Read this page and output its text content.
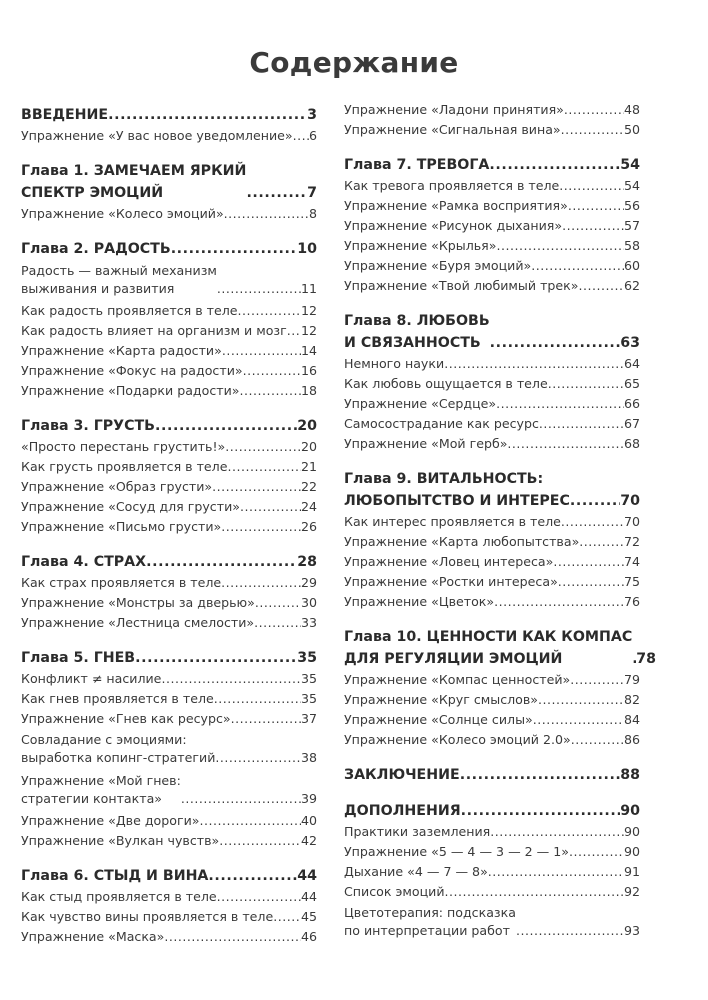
Содержание
ВВЕДЕНИЕ .....	3
Упражнение «У вас новое уведомление» ..... 6
Глава 1. ЗАМЕЧАЕМ ЯРКИЙ
СПЕКТР ЭМОЦИЙ .....	7
Упражнение «Колесо эмоций» .....	8
Глава 2. РАДОСТЬ .....	10
Радость — важный механизм
выживания и развития .....	11
Как радость проявляется в теле .....	12
Как радость влияет на организм и мозг ..... 12
Упражнение «Карта радости» .....	14
Упражнение «Фокус на радости» .....	16
Упражнение «Подарки радости» .....	18
Глава 3. ГРУСТЬ .....	20
«Просто перестань грустить!» .....	20
Как грусть проявляется в теле .....	21
Упражнение «Образ грусти» .....	22
Упражнение «Сосуд для грусти» .....	24
Упражнение «Письмо грусти» .....	26
Глава 4. СТРАХ .....	28
Как страх проявляется в теле .....	29
Упражнение «Монстры за дверью» .....	30
Упражнение «Лестница смелости» .....	33
Глава 5. ГНЕВ .....	35
Конфликт ≠ насилие .....	35
Как гнев проявляется в теле .....	35
Упражнение «Гнев как ресурс» .....	37
Совладание с эмоциями:
выработка копинг-стратегий .....	38
Упражнение «Мой гнев:
стратегии контакта» .....	39
Упражнение «Две дороги» .....	40
Упражнение «Вулкан чувств» .....	42
Глава 6. СТЫД И ВИНА .....	44
Как стыд проявляется в теле .....	44
Как чувство вины проявляется в теле ..... 45
Упражнение «Маска» .....	46
Упражнение «Ладони принятия» .....	48
Упражнение «Сигнальная вина» .....	50
Глава 7. ТРЕВОГА .....	54
Как тревога проявляется в теле .....	54
Упражнение «Рамка восприятия» .....	56
Упражнение «Рисунок дыхания» .....	57
Упражнение «Крылья» .....	58
Упражнение «Буря эмоций» .....	60
Упражнение «Твой любимый трек» .....	62
Глава 8. ЛЮБОВЬ
И СВЯЗАННОСТЬ .....	63
Немного науки .....	64
Как любовь ощущается в теле .....	65
Упражнение «Сердце» .....	66
Самосострадание как ресурс .....	67
Упражнение «Мой герб» .....	68
Глава 9. ВИТАЛЬНОСТЬ:
ЛЮБОПЫТСТВО И ИНТЕРЕС .....	70
Как интерес проявляется в теле .....	70
Упражнение «Карта любопытства» .....	72
Упражнение «Ловец интереса» .....	74
Упражнение «Ростки интереса» .....	75
Упражнение «Цветок» .....	76
Глава 10. ЦЕННОСТИ КАК КОМПАС
ДЛЯ РЕГУЛЯЦИИ ЭМОЦИЙ .....	78
Упражнение «Компас ценностей» .....	79
Упражнение «Круг смыслов» .....	82
Упражнение «Солнце силы» .....	84
Упражнение «Колесо эмоций 2.0» .....	86
ЗАКЛЮЧЕНИЕ .....	88
ДОПОЛНЕНИЯ .....	90
Практики заземления .....	90
Упражнение «5 — 4 — 3 — 2 — 1» .....	90
Дыхание «4 — 7 — 8» .....	91
Список эмоций .....	92
Цветотерапия: подсказка
по интерпретации работ .....	93
